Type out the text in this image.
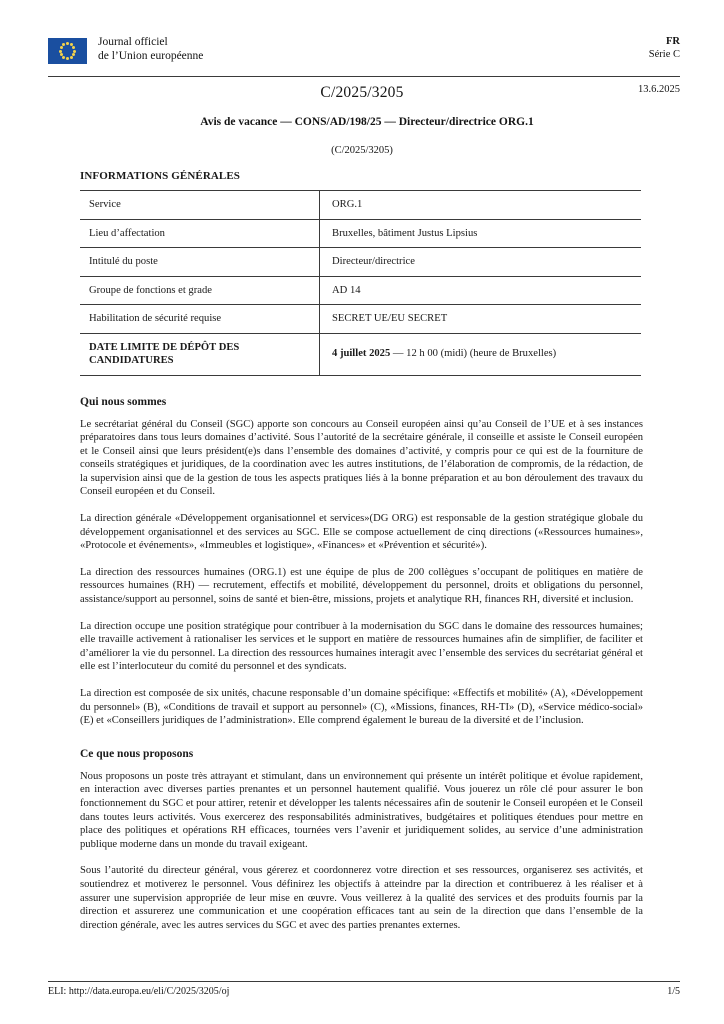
Journal officiel
de l’Union européenne
FR
Série C
13.6.2025
C/2025/3205
Avis de vacance — CONS/AD/198/25 — Directeur/directrice ORG.1
(C/2025/3205)
INFORMATIONS GÉNÉRALES
Service	ORG.1
Lieu d’affectation	Bruxelles, bâtiment Justus Lipsius
Intitulé du poste	Directeur/directrice
Groupe de fonctions et grade	AD 14
Habilitation de sécurité requise	SECRET UE/EU SECRET
DATE LIMITE DE DÉPÔT DES CANDIDATURES	4 juillet 2025 — 12 h 00 (midi) (heure de Bruxelles)
Qui nous sommes

Le secrétariat général du Conseil (SGC) apporte son concours au Conseil européen ainsi qu’au Conseil de l’UE et à ses instances préparatoires dans tous leurs domaines d’activité. Sous l’autorité de la secrétaire générale, il conseille et assiste le Conseil européen et le Conseil ainsi que leurs président(e)s dans l’ensemble des domaines d’activité, y compris pour ce qui est de la fourniture de conseils stratégiques et juridiques, de la coordination avec les autres institutions, de l’élaboration de compromis, de la rédaction, de la supervision ainsi que de la gestion de tous les aspects pratiques liés à la bonne préparation et au bon déroulement des travaux du Conseil européen et du Conseil.

La direction générale «Développement organisationnel et services»(DG ORG) est responsable de la gestion stratégique globale du développement organisationnel et des services au SGC. Elle se compose actuellement de cinq directions («Ressources humaines», «Protocole et événements», «Immeubles et logistique», «Finances» et «Prévention et sécurité»).

La direction des ressources humaines (ORG.1) est une équipe de plus de 200 collègues s’occupant de politiques en matière de ressources humaines (RH) — recrutement, effectifs et mobilité, développement du personnel, droits et obligations du personnel, assistance/support au personnel, soins de santé et bien-être, missions, projets et analytique RH, finances RH, diversité et inclusion.

La direction occupe une position stratégique pour contribuer à la modernisation du SGC dans le domaine des ressources humaines; elle travaille activement à rationaliser les services et le support en matière de ressources humaines afin de simplifier, de faciliter et d’améliorer la vie du personnel. La direction des ressources humaines interagit avec l’ensemble des services du secrétariat général et elle est l’interlocuteur du comité du personnel et des syndicats.

La direction est composée de six unités, chacune responsable d’un domaine spécifique: «Effectifs et mobilité» (A), «Développement du personnel» (B), «Conditions de travail et support au personnel» (C), «Missions, finances, RH-TI» (D), «Service médico-social» (E) et «Conseillers juridiques de l’administration». Elle comprend également le bureau de la diversité et de l’inclusion.

Ce que nous proposons

Nous proposons un poste très attrayant et stimulant, dans un environnement qui présente un intérêt politique et évolue rapidement, en interaction avec diverses parties prenantes et un personnel hautement qualifié. Vous jouerez un rôle clé pour assurer le bon fonctionnement du SGC et pour attirer, retenir et développer les talents nécessaires afin de soutenir le Conseil européen et le Conseil dans toutes leurs activités. Vous exercerez des responsabilités administratives, budgétaires et politiques étendues pour mettre en place des politiques et opérations RH efficaces, tournées vers l’avenir et juridiquement solides, au service d’une administration publique moderne dans un monde du travail exigeant.

Sous l’autorité du directeur général, vous gérerez et coordonnerez votre direction et ses ressources, organiserez ses activités, et soutiendrez et motiverez le personnel. Vous définirez les objectifs à atteindre par la direction et contribuerez à les réaliser et à assurer une supervision appropriée de leur mise en œuvre. Vous veillerez à la qualité des services et des produits fournis par la direction et assurerez une communication et une coopération efficaces tant au sein de la direction que dans l’ensemble de la direction générale, avec les autres services du SGC et avec des parties prenantes externes.

ELI: http://data.europa.eu/eli/C/2025/3205/oj	1/5
